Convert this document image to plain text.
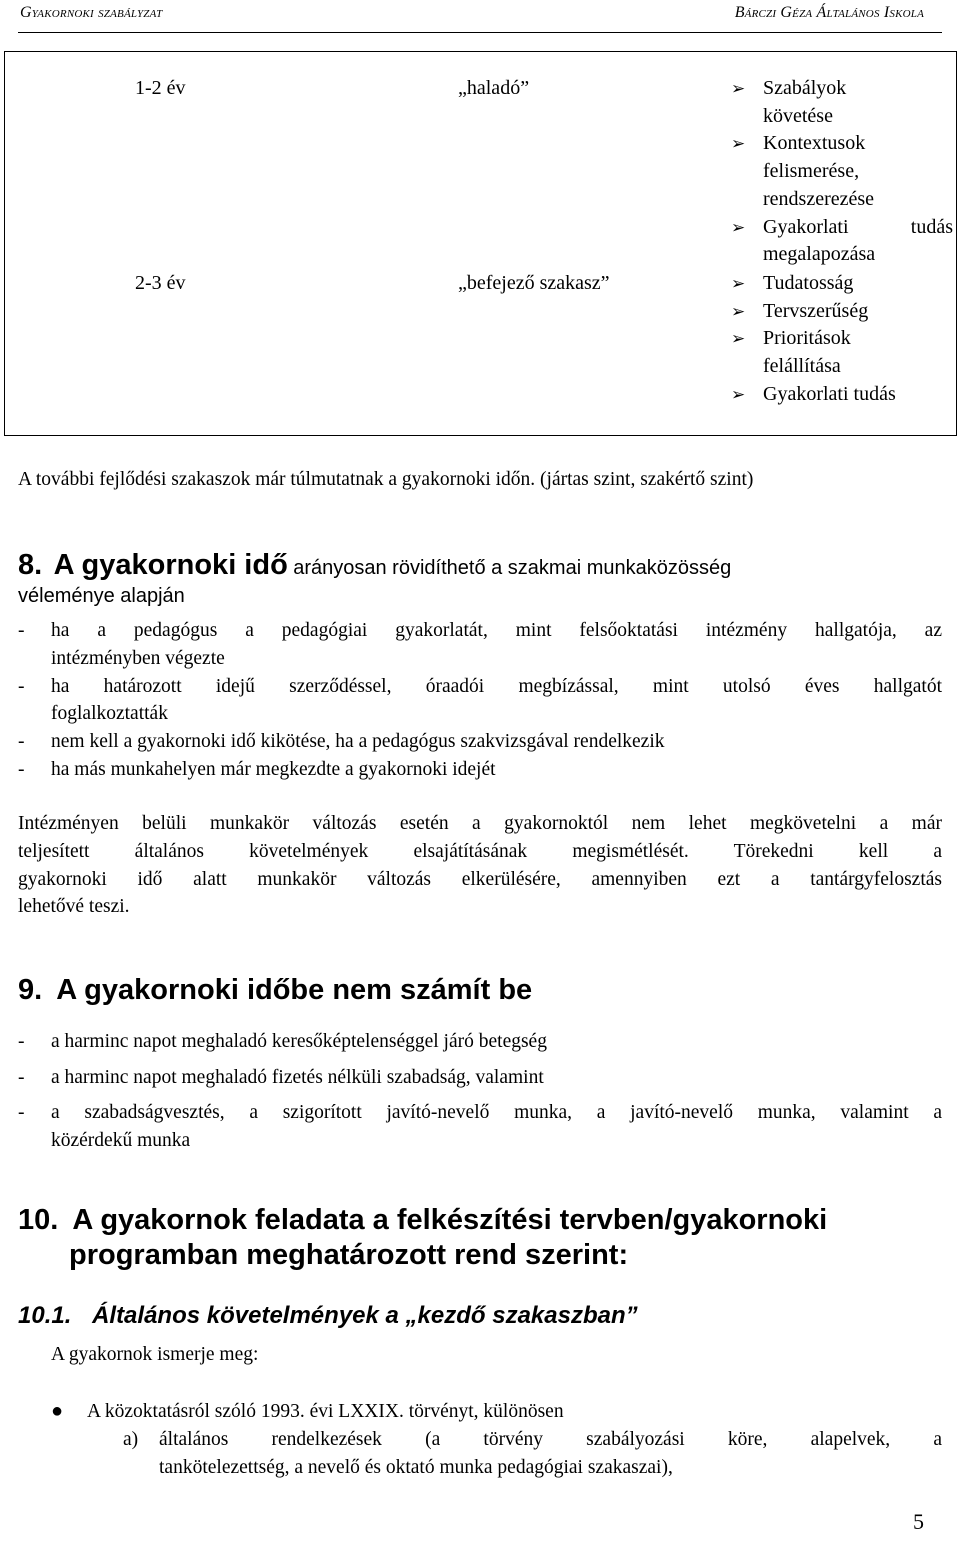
Gyakornoki szabályzat	Bárczi Géza Általános Iskola
1-2 év	„haladó”	➢ Szabályok
követése
➢ Kontextusok
felismerése,
rendszerezése
➢ Gyakorlati tudás
megalapozása
2-3 év	„befejező szakasz”	➢ Tudatosság
➢ Tervszerűség
➢ Prioritások
felállítása
➢ Gyakorlati tudás
A további fejlődési szakaszok már túlmutatnak a gyakornoki időn. (jártas szint, szakértő szint)
8. A gyakornoki idő arányosan rövidíthető a szakmai munkaközösség
véleménye alapján
- ha a pedagógus a pedagógiai gyakorlatát, mint felsőoktatási intézmény hallgatója, az
intézményben végezte
- ha határozott idejű szerződéssel, óraadói megbízással, mint utolsó éves hallgatót
foglalkoztatták
- nem kell a gyakornoki idő kikötése, ha a pedagógus szakvizsgával rendelkezik
- ha más munkahelyen már megkezdte a gyakornoki idejét
Intézményen belüli munkakör változás esetén a gyakornoktól nem lehet megkövetelni a már
teljesített általános követelmények elsajátításának megismétlését. Törekedni kell a
gyakornoki idő alatt munkakör változás elkerülésére, amennyiben ezt a tantárgyfelosztás
lehetővé teszi.
9. A gyakornoki időbe nem számít be
- a harminc napot meghaladó keresőképtelenséggel járó betegség
- a harminc napot meghaladó fizetés nélküli szabadság, valamint
- a szabadságvesztés, a szigorított javító-nevelő munka, a javító-nevelő munka, valamint a
közérdekű munka
10. A gyakornok feladata a felkészítési tervben/gyakornoki
programban meghatározott rend szerint:
10.1. Általános követelmények a „kezdő szakaszban”
A gyakornok ismerje meg:
● A közoktatásról szóló 1993. évi LXXIX. törvényt, különösen
a) általános rendelkezések (a törvény szabályozási köre, alapelvek, a
tankötelezettség, a nevelő és oktató munka pedagógiai szakaszai),
5
